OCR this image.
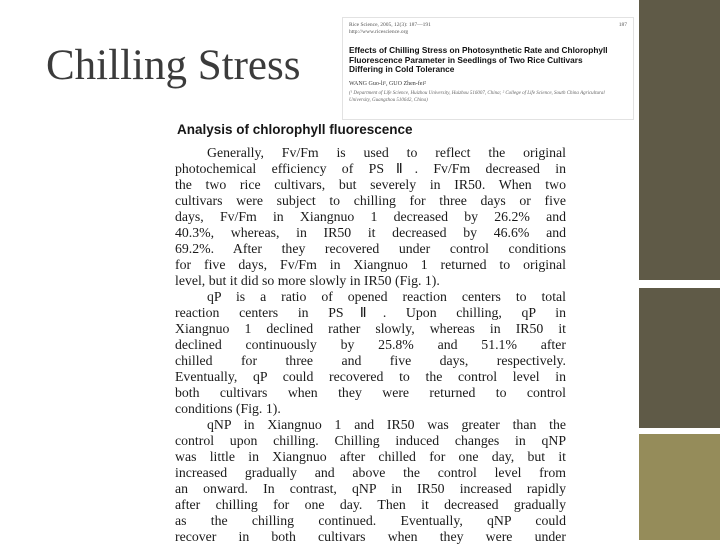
Chilling Stress
Rice Science, 2005, 12(3): 187—191
http://www.ricescience.org
187
Effects of Chilling Stress on Photosynthetic Rate and Chlorophyll Fluorescence Parameter in Seedlings of Two Rice Cultivars Differing in Cold Tolerance
WANG Guo-li¹, GUO Zhen-fei²
(¹ Department of Life Science, Huizhou University, Huizhou 516007, China; ² College of Life Science, South China Agricultural University, Guangzhou 510642, China)
Analysis of chlorophyll fluorescence
Generally, Fv/Fm is used to reflect the original
photochemical efficiency of PSⅡ. Fv/Fm decreased in
the two rice cultivars, but severely in IR50. When two
cultivars were subject to chilling for three days or five
days, Fv/Fm in Xiangnuo 1 decreased by 26.2% and
40.3%, whereas, in IR50 it decreased by 46.6% and
69.2%. After they recovered under control conditions
for five days, Fv/Fm in Xiangnuo 1 returned to original
level, but it did so more slowly in IR50 (Fig. 1).
qP is a ratio of opened reaction centers to total
reaction centers in PSⅡ. Upon chilling, qP in
Xiangnuo 1 declined rather slowly, whereas in IR50 it
declined continuously by 25.8% and 51.1% after
chilled for three and five days, respectively.
Eventually, qP could recovered to the control level in
both cultivars when they were returned to control
conditions (Fig. 1).
qNP in Xiangnuo 1 and IR50 was greater than the
control upon chilling. Chilling induced changes in qNP
was little in Xiangnuo after chilled for one day, but it
increased gradually and above the control level from
an onward. In contrast, qNP in IR50 increased rapidly
after chilling for one day. Then it decreased gradually
as the chilling continued. Eventually, qNP could
recover in both cultivars when they were under
